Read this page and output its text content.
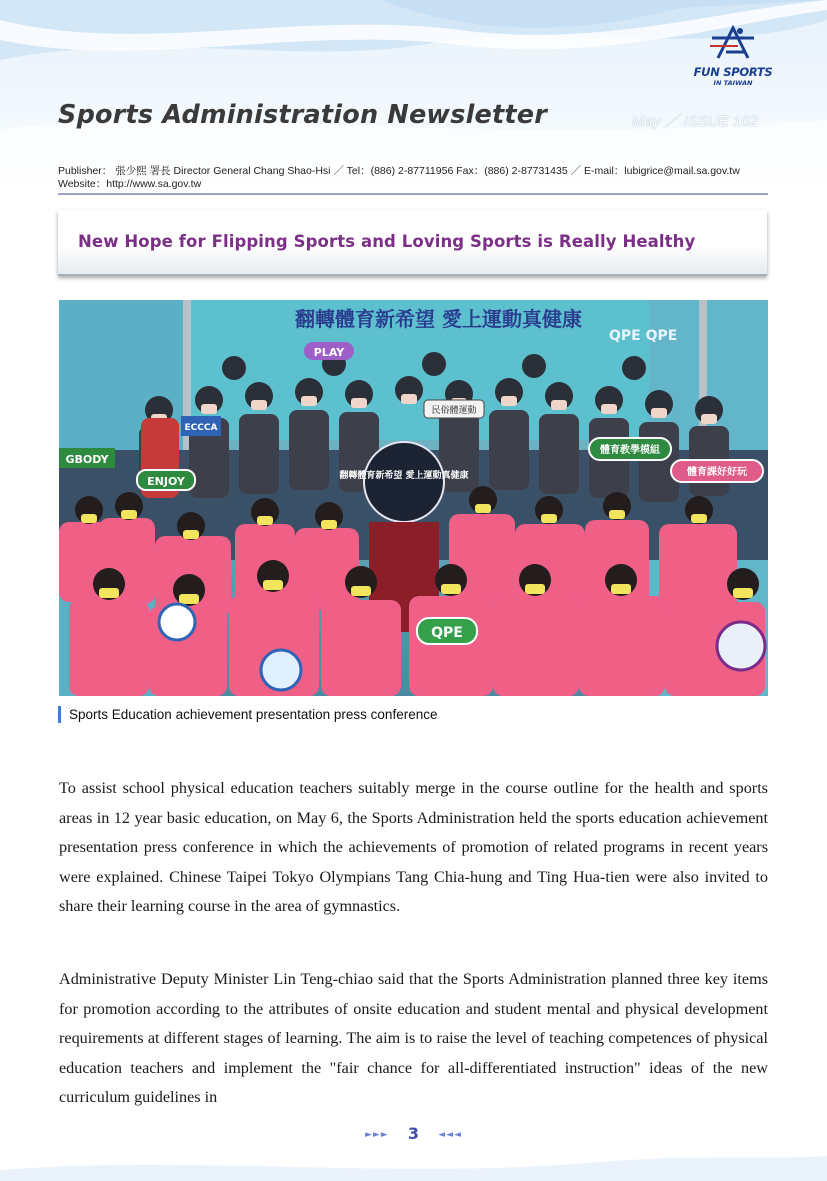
FUN SPORTS
IN TAIWAN
Sports Administration Newsletter	May ／ ISSUE 102
Publisher： 張少熙 署長 Director General Chang Shao-Hsi ／ Tel：(886) 2-87711956 Fax：(886) 2-87731435 ／ E-mail：lubigrice@mail.sa.gov.tw
Website：http://www.sa.gov.tw
New Hope for Flipping Sports and Loving Sports is Really Healthy
翻轉體育新希望 愛上運動真健康
QPE QPE
翻轉體育新希望 愛上運動真健康
PLAY
ENJOY
GBODY
ECCCA
體育教學模組
體育課好好玩
民俗體運動
QPE
Sports Education achievement presentation press conference

To assist school physical education teachers suitably merge in the course outline for the health and sports areas in 12 year basic education, on May 6, the Sports Administration held the sports education achievement presentation press conference in which the achievements of promotion of related programs in recent years were explained. Chinese Taipei Tokyo Olympians Tang Chia-hung and Ting Hua-tien were also invited to share their learning course in the area of gymnastics.

Administrative Deputy Minister Lin Teng-chiao said that the Sports Administration planned three key items for promotion according to the attributes of onsite education and student mental and physical development requirements at different stages of learning. The aim is to raise the level of teaching competences of physical education teachers and implement the "fair chance for all-differentiated instruction" ideas of the new curriculum guidelines in

►►► 3 ◄◄◄
